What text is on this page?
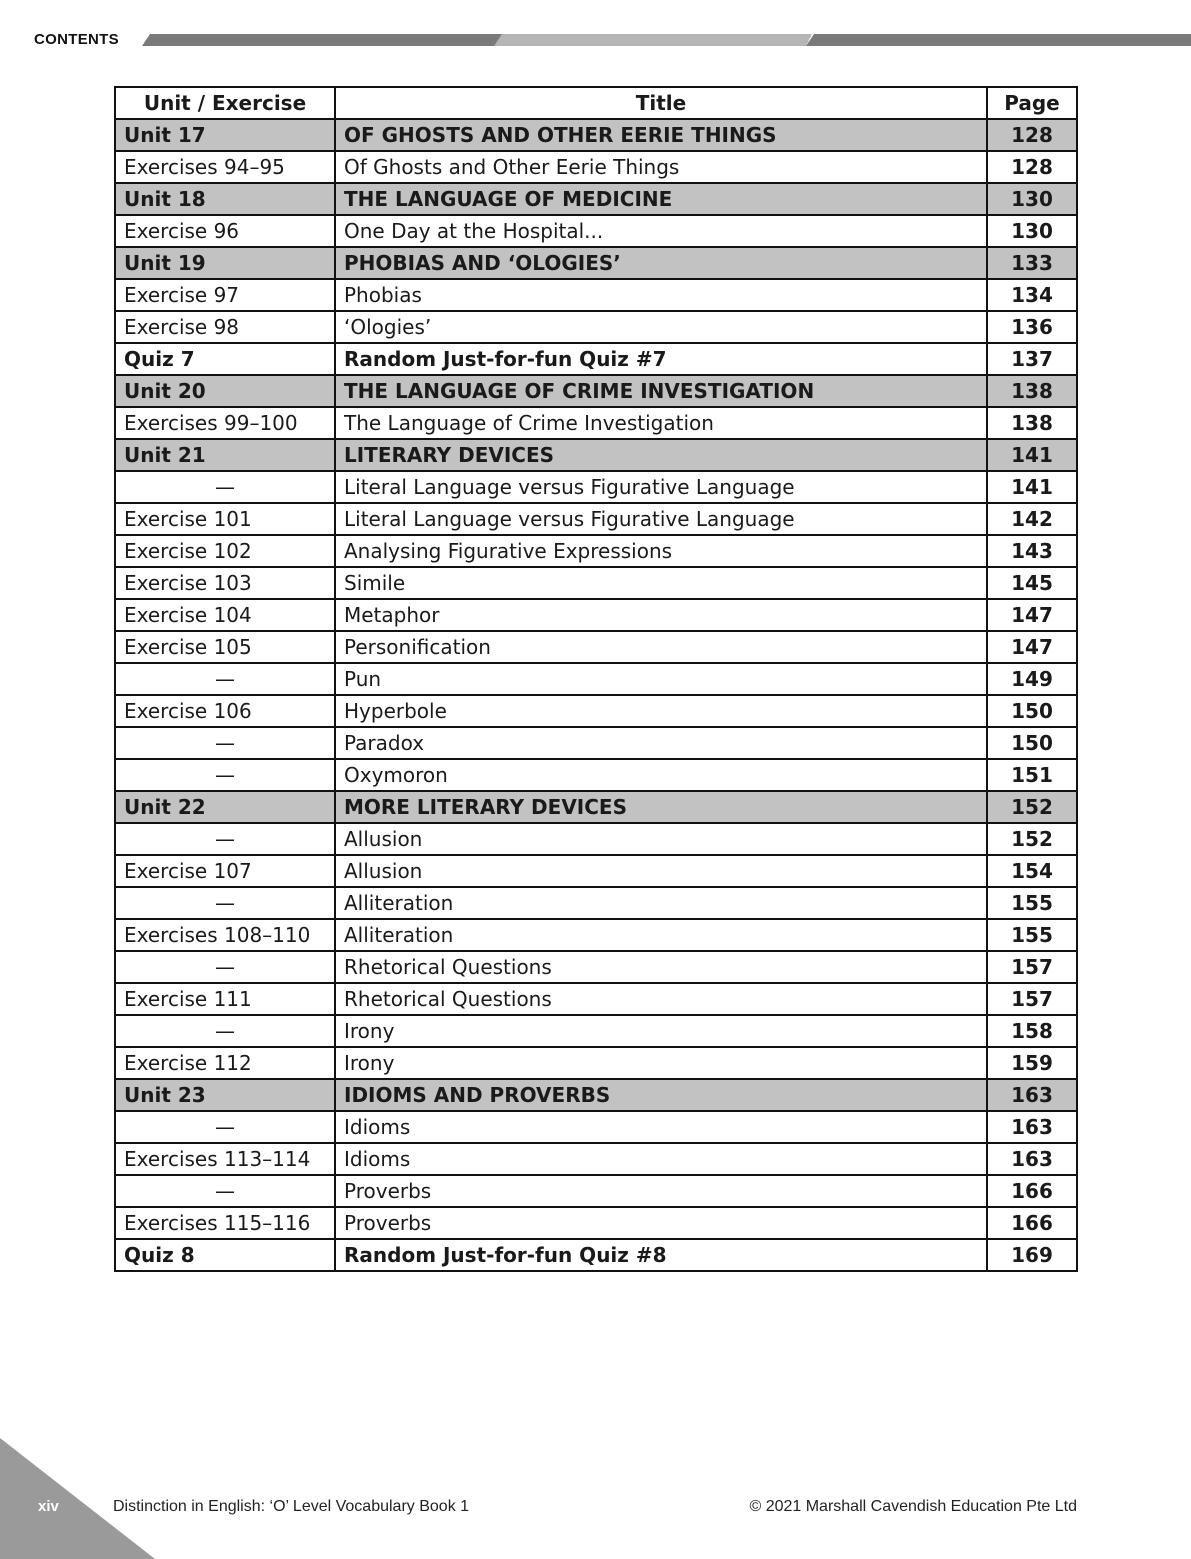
CONTENTS
Unit / Exercise	Title	Page
Unit 17	OF GHOSTS AND OTHER EERIE THINGS	128
Exercises 94–95	Of Ghosts and Other Eerie Things	128
Unit 18	THE LANGUAGE OF MEDICINE	130
Exercise 96	One Day at the Hospital...	130
Unit 19	PHOBIAS AND ‘OLOGIES’	133
Exercise 97	Phobias	134
Exercise 98	‘Ologies’	136
Quiz 7	Random Just-for-fun Quiz #7	137
Unit 20	THE LANGUAGE OF CRIME INVESTIGATION	138
Exercises 99–100	The Language of Crime Investigation	138
Unit 21	LITERARY DEVICES	141
—	Literal Language versus Figurative Language	141
Exercise 101	Literal Language versus Figurative Language	142
Exercise 102	Analysing Figurative Expressions	143
Exercise 103	Simile	145
Exercise 104	Metaphor	147
Exercise 105	Personification	147
—	Pun	149
Exercise 106	Hyperbole	150
—	Paradox	150
—	Oxymoron	151
Unit 22	MORE LITERARY DEVICES	152
—	Allusion	152
Exercise 107	Allusion	154
—	Alliteration	155
Exercises 108–110	Alliteration	155
—	Rhetorical Questions	157
Exercise 111	Rhetorical Questions	157
—	Irony	158
Exercise 112	Irony	159
Unit 23	IDIOMS AND PROVERBS	163
—	Idioms	163
Exercises 113–114	Idioms	163
—	Proverbs	166
Exercises 115–116	Proverbs	166
Quiz 8	Random Just-for-fun Quiz #8	169
xiv	Distinction in English: ‘O’ Level Vocabulary Book 1	© 2021 Marshall Cavendish Education Pte Ltd
